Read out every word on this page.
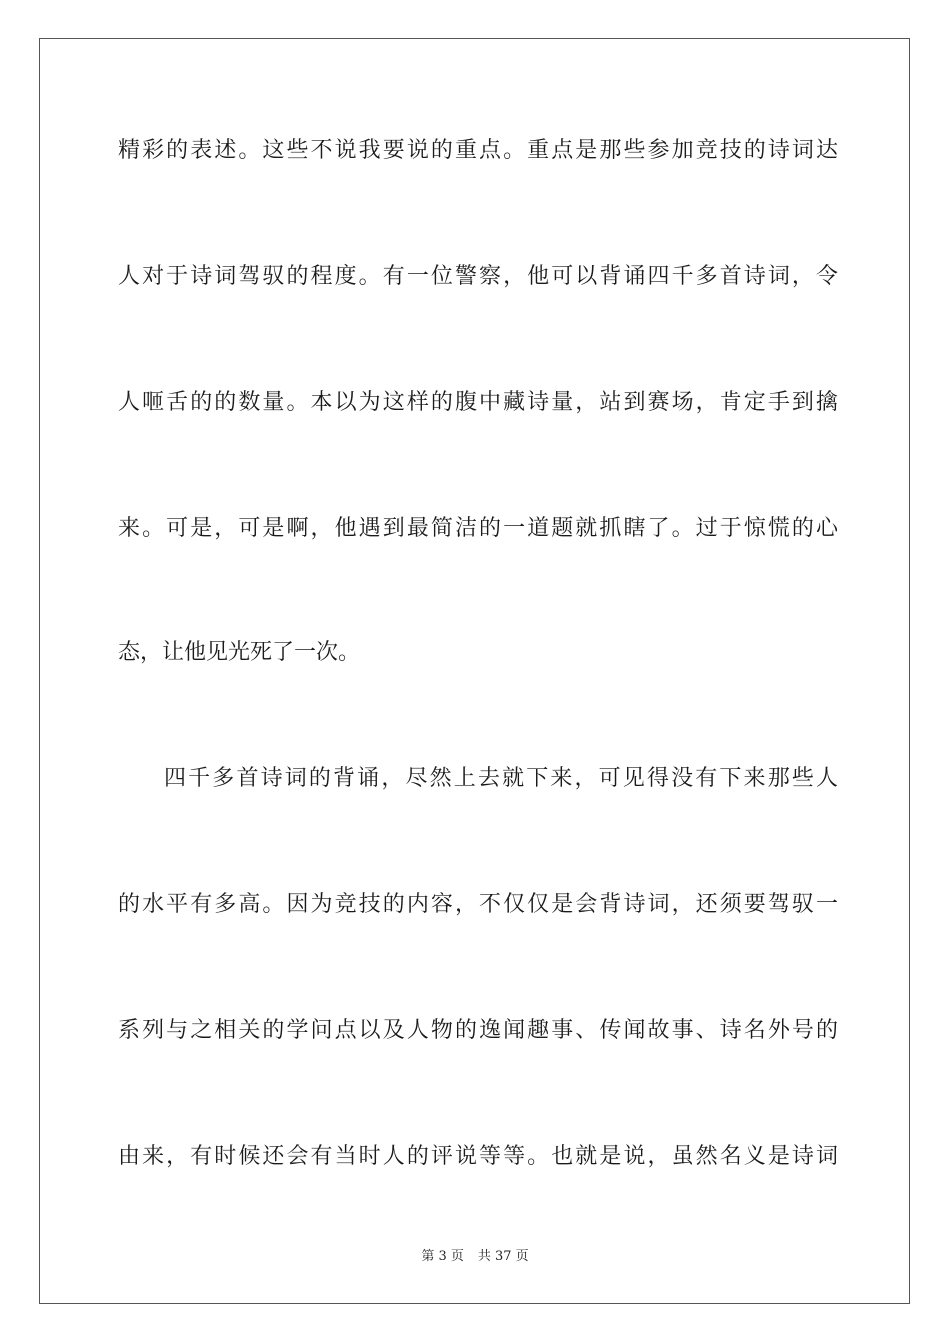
精彩的表述。这些不说我要说的重点。重点是那些参加竞技的诗词达

人对于诗词驾驭的程度。有一位警察，他可以背诵四千多首诗词，令

人咂舌的的数量。本以为这样的腹中藏诗量，站到赛场，肯定手到擒

来。可是，可是啊，他遇到最简洁的一道题就抓瞎了。过于惊慌的心

态，让他见光死了一次。

四千多首诗词的背诵，尽然上去就下来，可见得没有下来那些人

的水平有多高。因为竞技的内容，不仅仅是会背诗词，还须要驾驭一

系列与之相关的学问点以及人物的逸闻趣事、传闻故事、诗名外号的

由来，有时候还会有当时人的评说等等。也就是说，虽然名义是诗词

第 3 页 共 37 页
